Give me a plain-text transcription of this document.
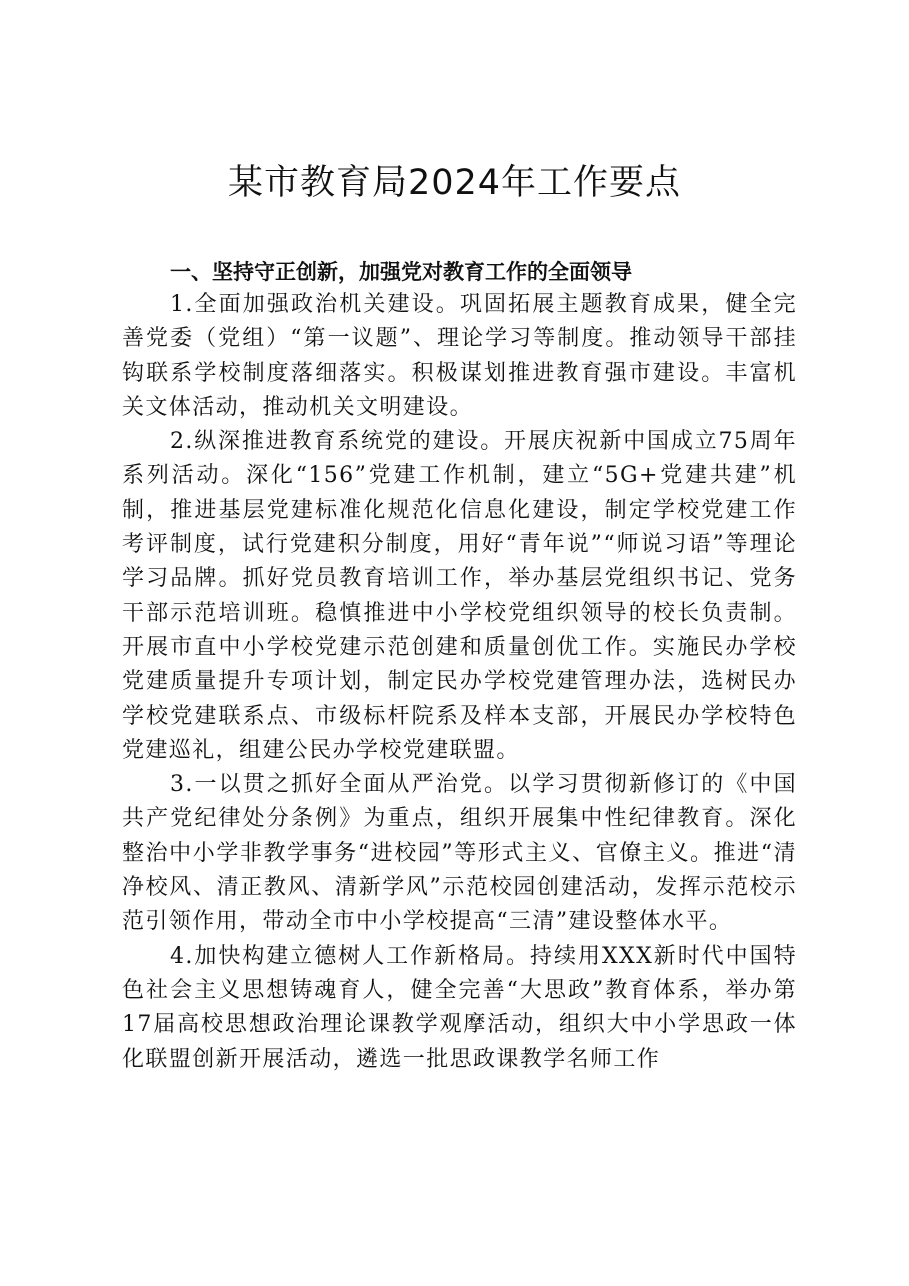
某市教育局2024年工作要点
一、坚持守正创新，加强党对教育工作的全面领导

1.全面加强政治机关建设。巩固拓展主题教育成果，健全完善党委（党组）“第一议题”、理论学习等制度。推动领导干部挂钩联系学校制度落细落实。积极谋划推进教育强市建设。丰富机关文体活动，推动机关文明建设。

2.纵深推进教育系统党的建设。开展庆祝新中国成立75周年系列活动。深化“156”党建工作机制，建立“5G+党建共建”机制，推进基层党建标准化规范化信息化建设，制定学校党建工作考评制度，试行党建积分制度，用好“青年说”“师说习语”等理论学习品牌。抓好党员教育培训工作，举办基层党组织书记、党务干部示范培训班。稳慎推进中小学校党组织领导的校长负责制。开展市直中小学校党建示范创建和质量创优工作。实施民办学校党建质量提升专项计划，制定民办学校党建管理办法，选树民办学校党建联系点、市级标杆院系及样本支部，开展民办学校特色党建巡礼，组建公民办学校党建联盟。

3.一以贯之抓好全面从严治党。以学习贯彻新修订的《中国共产党纪律处分条例》为重点，组织开展集中性纪律教育。深化整治中小学非教学事务“进校园”等形式主义、官僚主义。推进“清净校风、清正教风、清新学风”示范校园创建活动，发挥示范校示范引领作用，带动全市中小学校提高“三清”建设整体水平。

4.加快构建立德树人工作新格局。持续用XXX新时代中国特色社会主义思想铸魂育人，健全完善“大思政”教育体系，举办第17届高校思想政治理论课教学观摩活动，组织大中小学思政一体化联盟创新开展活动，遴选一批思政课教学名师工作
